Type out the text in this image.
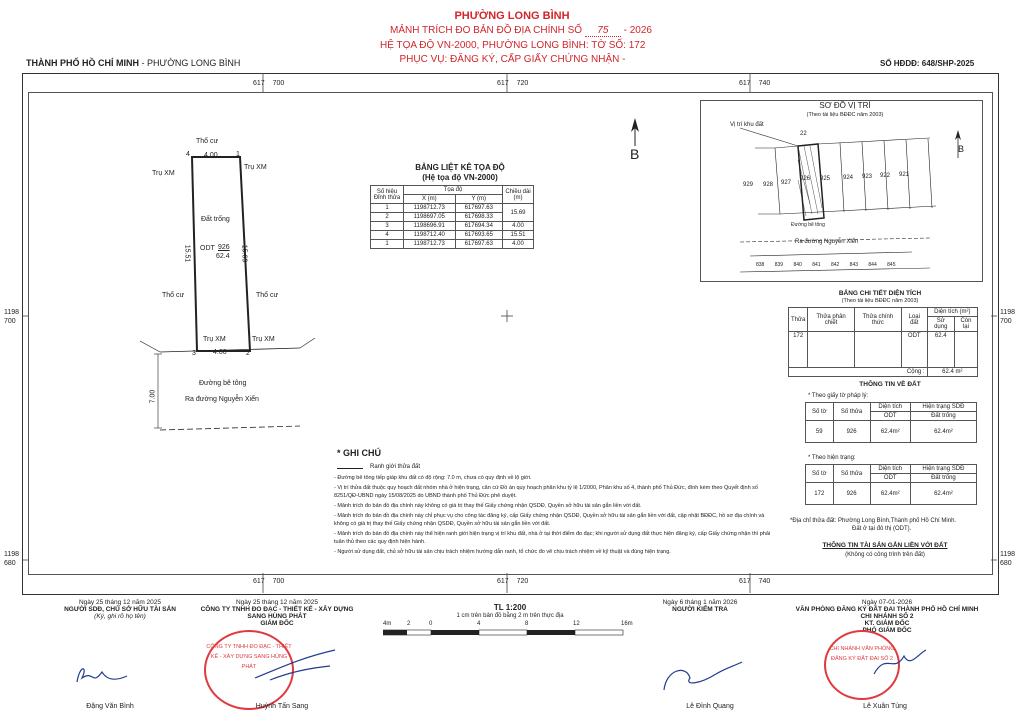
PHƯỜNG LONG BÌNH
MẢNH TRÍCH ĐO BẢN ĐỒ ĐỊA CHÍNH SỐ 75 - 2026
HỆ TỌA ĐỘ VN-2000, PHƯỜNG LONG BÌNH: TỜ SỐ: 172
PHỤC VỤ: ĐĂNG KÝ, CẤP GIẤY CHỨNG NHẬN -
THÀNH PHỐ HỒ CHÍ MINH - PHƯỜNG LONG BÌNH	SỐ HĐDĐ: 648/SHP-2025
617 700	617 720	617 740
617 700	617 720	617 740
1198
700
1198
680
1198
700
1198
680
Thổ cư
4	1
4.00
Trụ XM
Trụ XM
Đất trống
ODT 926
62.4
15.51	15.69
Thổ cư	Thổ cư
Trụ XM	Trụ XM
3	2
4.00
7.00
Đường bê tông
Ra đường Nguyễn Xiển
B
BẢNG LIỆT KÊ TỌA ĐỘ
(Hệ tọa độ VN-2000)
Số hiệu Đỉnh thửa	Tọa độ		Chiều dài (m)
	X (m)	Y (m)	
1	1198712.73	617697.63	15.69
2	1198697.05	617698.33	
3	1198696.91	617694.34	4.00
4	1198712.40	617693.65	15.51
1	1198712.73	617697.63	4.00
SƠ ĐỒ VỊ TRÍ
(Theo tài liệu BĐĐC năm 2003)
Vị trí khu đất
22
B
929 928 927
926 925 924 923 922 921
Đường bê tông
Ra đường Nguyễn Xiển
838 839 840 841 842 843 844 845
BẢNG CHI TIẾT DIỆN TÍCH
(Theo tài liệu BĐĐC năm 2003)
Thửa	Thửa phân chiết	Thửa chính thức	Loại đất	Diện tích (m²)	
				Sử dụng	Còn lại
172			ODT	62.4	
Cộng :				62.4 m²	
THÔNG TIN VỀ ĐẤT
* Theo giấy tờ pháp lý:
Số tờ	Số thửa	Diện tích	Hiện trạng SDĐ
		ODT	Đất trống
59	926	62.4m²	62.4m²
* Theo hiện trạng:
Số tờ	Số thửa	Diện tích	Hiện trạng SDĐ
		ODT	Đất trống
172	926	62.4m²	62.4m²
*Địa chỉ thửa đất: Phường Long Bình,Thành phố Hồ Chí Minh.
Đất ở tại đô thị (ODT).
THÔNG TIN TÀI SẢN GẮN LIỀN VỚI ĐẤT
(Không có công trình trên đất)
* GHI CHÚ
Ranh giới thửa đất

- Đường bê tông tiếp giáp khu đất có độ rộng: 7.0 m, chưa có quy định về lộ giới.

- Vị trí thửa đất thuộc quy hoạch đất nhóm nhà ở hiện trạng, căn cứ Đồ án quy hoạch phân khu tỷ lệ 1/2000, Phân khu số 4, thành phố Thủ Đức, đính kèm theo Quyết định số 8251/QĐ-UBND ngày 15/08/2025 do UBND thành phố Thủ Đức phê duyệt.

- Mảnh trích đo bản đồ địa chính này không có giá trị thay thế Giấy chứng nhận QSDĐ, Quyền sở hữu tài sản gắn liền với đất.

- Mảnh trích đo bản đồ địa chính này chỉ phục vụ cho công tác đăng ký, cấp Giấy chứng nhận QSDĐ, Quyền sở hữu tài sản gắn liền với đất, cập nhật BĐĐC, hồ sơ địa chính và không có giá trị thay thế Giấy chứng nhận QSDĐ, Quyền sở hữu tài sản gắn liền với đất.

- Mảnh trích đo bản đồ địa chính này thể hiện ranh giới hiện trạng vị trí khu đất, nhà ở tại thời điểm đo đạc; khi người sử dụng đất thực hiện đăng ký, cấp Giấy chứng nhận thì phải tuân thủ theo các quy định hiện hành.

- Người sử dụng đất, chủ sở hữu tài sản chịu trách nhiệm hướng dẫn ranh, tổ chức đo vẽ chịu trách nhiệm về kỹ thuật và đúng hiện trạng.

Ngày 25 tháng 12 năm 2025
NGƯỜI SDĐ, CHỦ SỞ HỮU TÀI SẢN
(Ký, ghi rõ họ tên)
Đặng Văn Bình
Ngày 25 tháng 12 năm 2025
CÔNG TY TNHH ĐO ĐẠC - THIẾT KẾ - XÂY DỰNG
SANG HÙNG PHÁT
GIÁM ĐỐC
CÔNG TY TNHH ĐO ĐẠC - THIẾT KẾ - XÂY DỰNG SANG HÙNG PHÁT
Huỳnh Tấn Sang
TL 1:200
1 cm trên bản đồ bằng 2 m trên thực địa
4m	2	0	4	8	12	16m
Ngày 6 tháng 1 năm 2026
NGƯỜI KIỂM TRA
Lê Đình Quang
Ngày 07-01-2026
VĂN PHÒNG ĐĂNG KÝ ĐẤT ĐAI THÀNH PHỐ HỒ CHÍ MINH
CHI NHÁNH SỐ 2
KT. GIÁM ĐỐC
PHÓ GIÁM ĐỐC
CHI NHÁNH VĂN PHÒNG ĐĂNG KÝ ĐẤT ĐAI SỐ 2
Lê Xuân Tùng
